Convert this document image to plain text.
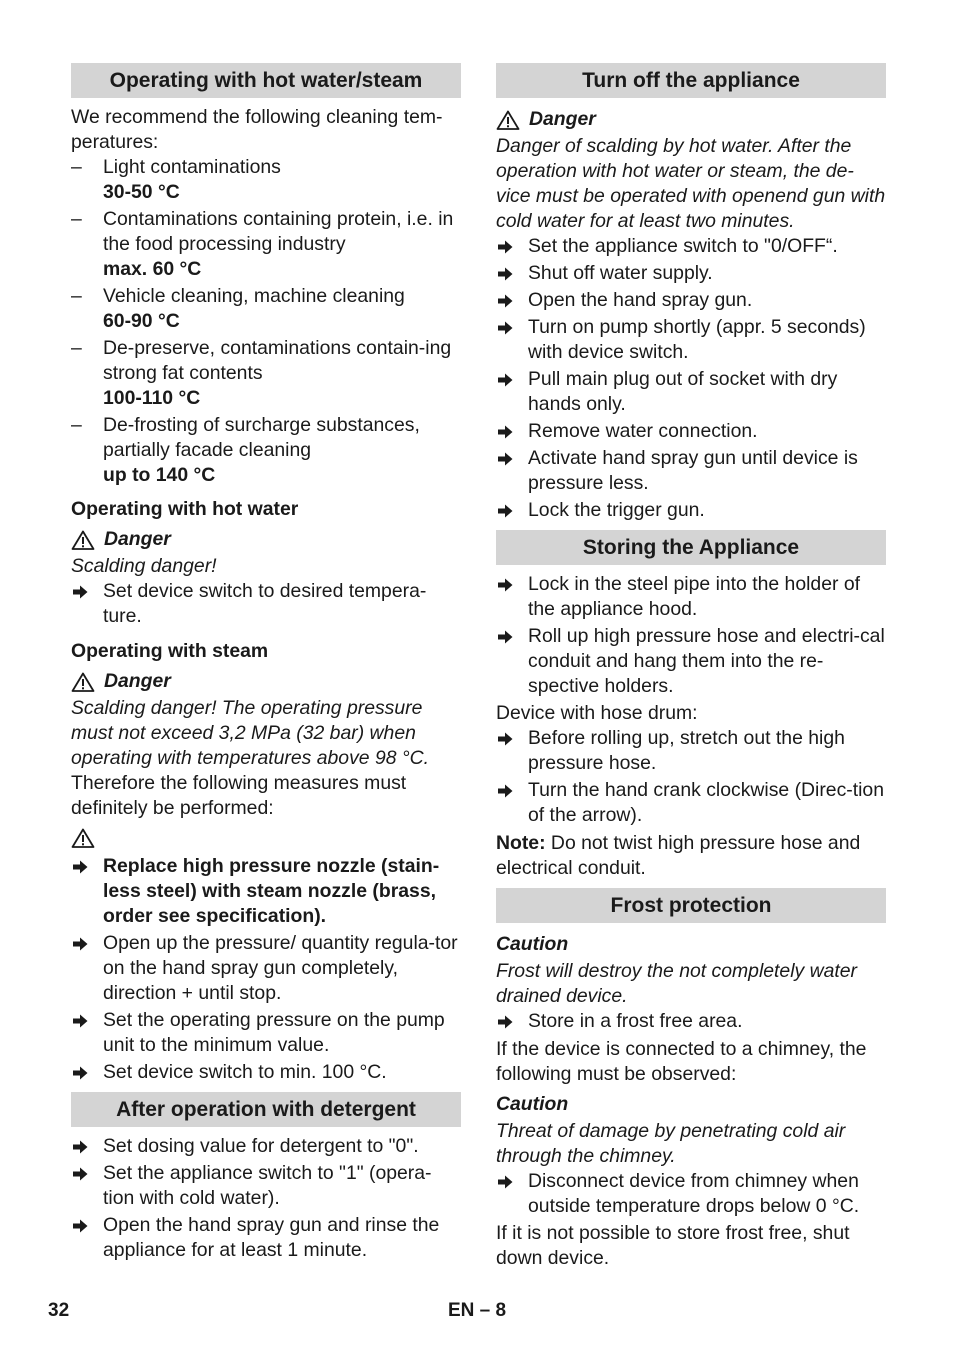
Operating with hot water/steam

We recommend the following cleaning tem-peratures:

– Light contaminations
30-50 °C
– Contaminations containing protein, i.e. in the food processing industry
max. 60 °C
– Vehicle cleaning, machine cleaning
60-90 °C
– De-preserve, contaminations contain-ing strong fat contents
100-110 °C
– De-frosting of surcharge substances, partially facade cleaning
up to 140 °C
Operating with hot water
Danger

Scalding danger!

Set device switch to desired tempera-ture.
Operating with steam
Danger

Scalding danger! The operating pressure must not exceed 3,2 MPa (32 bar) when operating with temperatures above 98 °C.

Therefore the following measures must definitely be performed:

Replace high pressure nozzle (stain-less steel) with steam nozzle (brass, order see specification).
Open up the pressure/ quantity regula-tor on the hand spray gun completely, direction + until stop.
Set the operating pressure on the pump unit to the minimum value.
Set device switch to min. 100 °C.
After operation with detergent
Set dosing value for detergent to "0".
Set the appliance switch to "1" (opera-tion with cold water).
Open the hand spray gun and rinse the appliance for at least 1 minute.
Turn off the appliance
Danger

Danger of scalding by hot water. After the operation with hot water or steam, the de-vice must be operated with openend gun with cold water for at least two minutes.

Set the appliance switch to "0/OFF“.
Shut off water supply.
Open the hand spray gun.
Turn on pump shortly (appr. 5 seconds) with device switch.
Pull main plug out of socket with dry hands only.
Remove water connection.
Activate hand spray gun until device is pressure less.
Lock the trigger gun.
Storing the Appliance
Lock in the steel pipe into the holder of the appliance hood.
Roll up high pressure hose and electri-cal conduit and hang them into the re-spective holders.

Device with hose drum:

Before rolling up, stretch out the high pressure hose.
Turn the hand crank clockwise (Direc-tion of the arrow).

Note: Do not twist high pressure hose and electrical conduit.

Frost protection
Caution

Frost will destroy the not completely water drained device.

Store in a frost free area.

If the device is connected to a chimney, the following must be observed:

Caution

Threat of damage by penetrating cold air through the chimney.

Disconnect device from chimney when outside temperature drops below 0 °C.

If it is not possible to store frost free, shut down device.

32	EN – 8
